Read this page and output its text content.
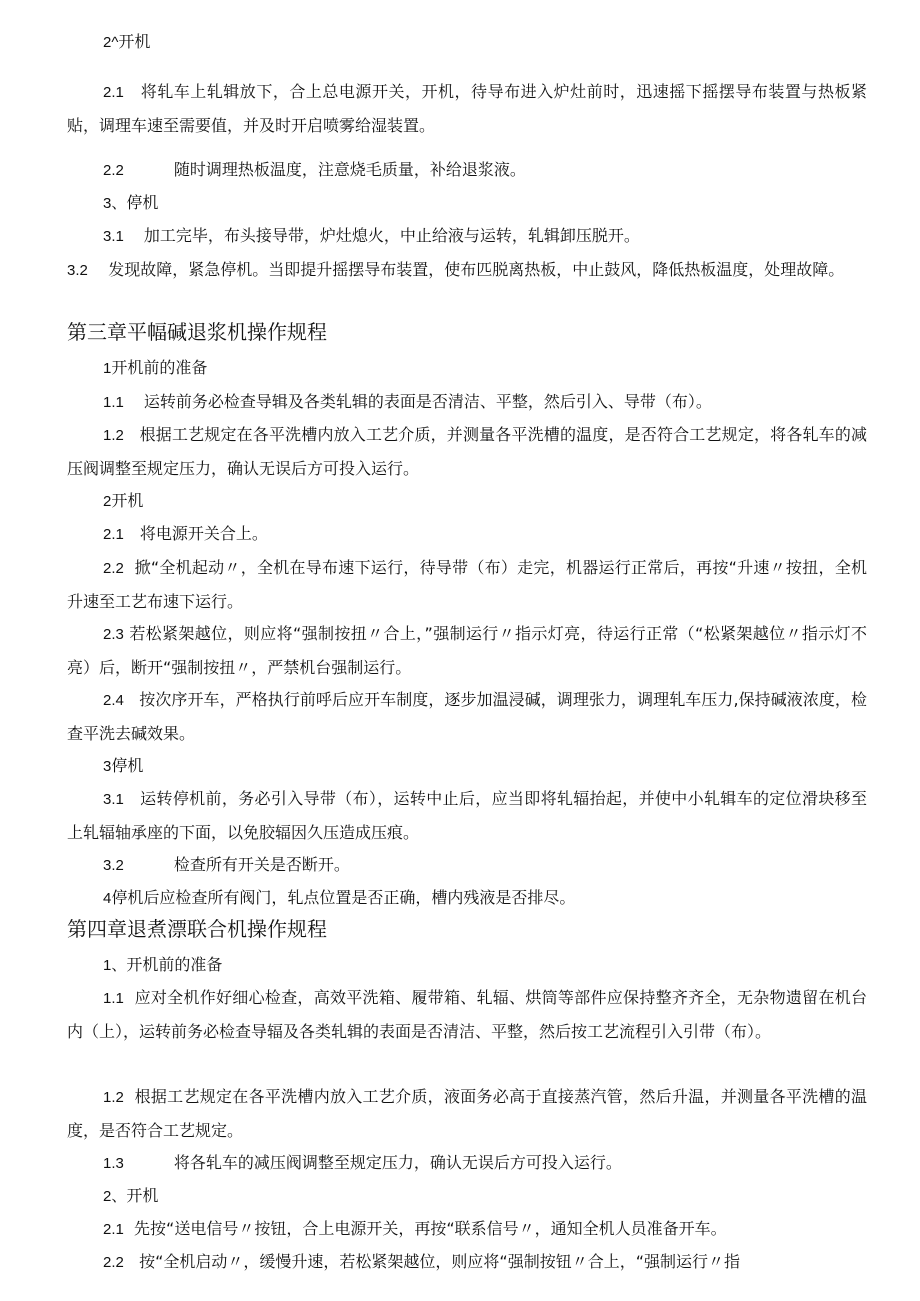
2^开机
2.1 将轧车上轧辑放下，合上总电源开关，开机，待导布进入炉灶前时，迅速摇下摇摆导布装置与热板紧贴，调理车速至需要值，并及时开启喷雾给湿装置。
2.2	随时调理热板温度，注意烧毛质量，补给退浆液。
3、停机
3.1 加工完毕，布头接导带，炉灶熄火，中止给液与运转，轧辑卸压脱开。
3.2 发现故障，紧急停机。当即提升摇摆导布装置，使布匹脱离热板，中止鼓风，降低热板温度，处理故障。
第三章平幅碱退浆机操作规程
1开机前的准备
1.1 运转前务必检查导辑及各类轧辑的表面是否清洁、平整，然后引入、导带（布）。
1.2 根据工艺规定在各平洗槽内放入工艺介质，并测量各平洗槽的温度，是否符合工艺规定，将各轧车的减压阀调整至规定压力，确认无误后方可投入运行。
2开机
2.1 将电源开关合上。
2.2 掀“全机起动〃，全机在导布速下运行，待导带（布）走完，机器运行正常后，再按“升速〃按扭，全机升速至工艺布速下运行。
2.3 若松紧架越位，则应将“强制按扭〃合上，”强制运行〃指示灯亮，待运行正常（“松紧架越位〃指示灯不亮）后，断开“强制按扭〃，严禁机台强制运行。
2.4 按次序开车，严格执行前呼后应开车制度，逐步加温浸碱，调理张力，调理轧车压力,保持碱液浓度，检查平洗去碱效果。
3停机
3.1 运转停机前，务必引入导带（布），运转中止后，应当即将轧辐抬起，并使中小轧辑车的定位滑块移至上轧辐轴承座的下面，以免胶辐因久压造成压痕。
3.2	检查所有开关是否断开。
4停机后应检查所有阀门，轧点位置是否正确，槽内残液是否排尽。
第四章退煮漂联合机操作规程
1、开机前的准备
1.1 应对全机作好细心检查，高效平洗箱、履带箱、轧辐、烘筒等部件应保持整齐齐全，无杂物遗留在机台内（上），运转前务必检查导辐及各类轧辑的表面是否清洁、平整，然后按工艺流程引入引带（布）。
1.2 根据工艺规定在各平洗槽内放入工艺介质，液面务必高于直接蒸汽管，然后升温，并测量各平洗槽的温度，是否符合工艺规定。
1.3	将各轧车的减压阀调整至规定压力，确认无误后方可投入运行。
2、开机
2.1 先按“送电信号〃按钮，合上电源开关，再按“联系信号〃，通知全机人员准备开车。
2.2 按“全机启动〃，缓慢升速，若松紧架越位，则应将“强制按钮〃合上，“强制运行〃指
